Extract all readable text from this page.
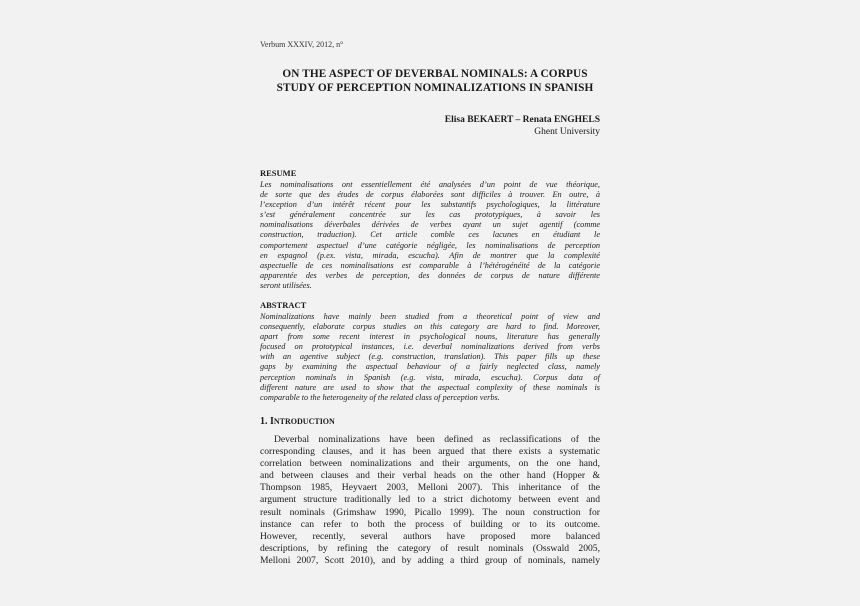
Verbum XXXIV, 2012, n°
ON THE ASPECT OF DEVERBAL NOMINALS: A CORPUS
STUDY OF PERCEPTION NOMINALIZATIONS IN SPANISH
Elisa BEKAERT – Renata ENGHELS
Ghent University
RESUME
Les nominalisations ont essentiellement été analysées d’un point de vue théorique,
de sorte que des études de corpus élaborées sont difficiles à trouver. En outre, à
l’exception d’un intérêt récent pour les substantifs psychologiques, la littérature
s’est généralement concentrée sur les cas prototypiques, à savoir les
nominalisations déverbales dérivées de verbes ayant un sujet agentif (comme
construction, traduction). Cet article comble ces lacunes en étudiant le
comportement aspectuel d’une catégorie négligée, les nominalisations de perception
en espagnol (p.ex. vista, mirada, escucha). Afin de montrer que la complexité
aspectuelle de ces nominalisations est comparable à l’hétérogénéité de la catégorie
apparentée des verbes de perception, des données de corpus de nature différente
seront utilisées.
ABSTRACT
Nominalizations have mainly been studied from a theoretical point of view and
consequently, elaborate corpus studies on this category are hard to find. Moreover,
apart from some recent interest in psychological nouns, literature has generally
focused on prototypical instances, i.e. deverbal nominalizations derived from verbs
with an agentive subject (e.g. construction, translation). This paper fills up these
gaps by examining the aspectual behaviour of a fairly neglected class, namely
perception nominals in Spanish (e.g. vista, mirada, escucha). Corpus data of
different nature are used to show that the aspectual complexity of these nominals is
comparable to the heterogeneity of the related class of perception verbs.
1. INTRODUCTION
Deverbal nominalizations have been defined as reclassifications of the
corresponding clauses, and it has been argued that there exists a systematic
correlation between nominalizations and their arguments, on the one hand,
and between clauses and their verbal heads on the other hand (Hopper &
Thompson 1985, Heyvaert 2003, Melloni 2007). This inheritance of the
argument structure traditionally led to a strict dichotomy between event and
result nominals (Grimshaw 1990, Picallo 1999). The noun construction for
instance can refer to both the process of building or to its outcome.
However, recently, several authors have proposed more balanced
descriptions, by refining the category of result nominals (Osswald 2005,
Melloni 2007, Scott 2010), and by adding a third group of nominals, namely
